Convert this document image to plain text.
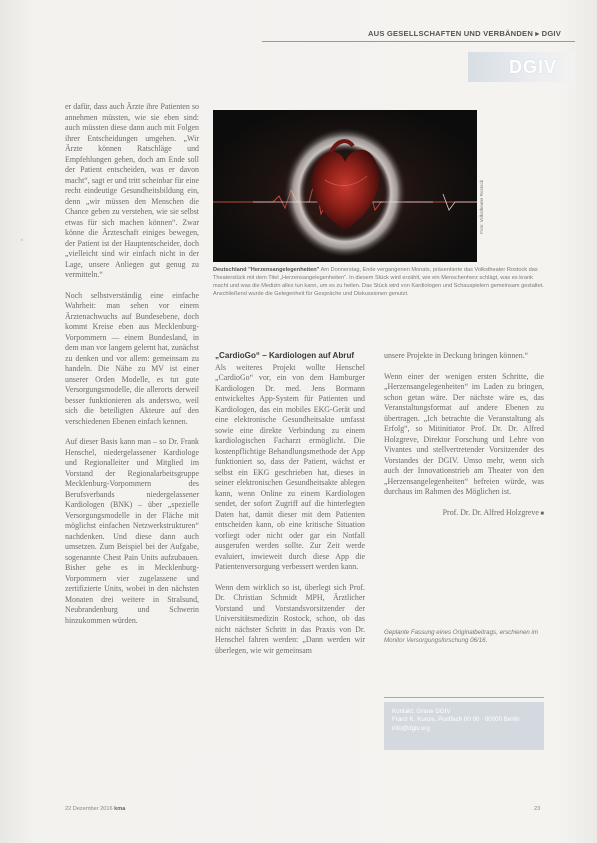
AUS GESELLSCHAFTEN UND VERBÄNDEN ▸ DGIV
DGIV
×

er dafür, dass auch Ärzte ihre Patienten so annehmen müssten, wie sie eben sind: auch müssten diese dann auch mit Folgen ihrer Entscheidungen umgehen. „Wir Ärzte können Ratschläge und Empfehlungen geben, doch am Ende soll der Patient entscheiden, was er davon macht“, sagt er und tritt scheinbar für eine recht eindeutige Gesundheitsbildung ein, denn „wir müssen den Menschen die Chance geben zu verstehen, wie sie selbst etwas für sich machen können“. Zwar könne die Ärzteschaft einiges bewegen, der Patient ist der Hauptentscheider, doch „vielleicht sind wir einfach nicht in der Lage, unsere Anliegen gut genug zu vermitteln.“

Noch selbstverständig eine einfache Wahrheit: man sehen vor einem Ärztenachwuchs auf Bundesebene, doch kommt Kreise eben aus Mecklenburg-Vorpommern — einem Bundesland, in dem man vor langem gelernt hat, zunächst zu denken und vor allem: gemeinsam zu handeln. Die Nähe zu MV ist einer unserer Orden Modelle, es tut gute Versorgungsmodelle, die allerorts derweil besser funktionieren als anderswo, weil sich die beteiligten Akteure auf den verschiedenen Ebenen einfach kennen.

Auf dieser Basis kann man – so Dr. Frank Henschel, niedergelassener Kardiologe und Regionalleiter und Mitglied im Vorstand der Regionalarbeitsgruppe Mecklenburg-Vorpommern des Berufsverbands niedergelassener Kardiologen (BNK) – über „spezielle Versorgungsmodelle in der Fläche mit möglichst einfachen Netzwerkstrukturen“ nachdenken. Und diese dann auch umsetzen. Zum Beispiel bei der Aufgabe, sogenannte Chest Pain Units aufzubauen. Bisher gebe es in Mecklenburg-Vorpommern vier zugelassene und zertifizierte Units, wobei in den nächsten Monaten drei weitere in Stralsund, Neubrandenburg und Schwerin hinzukommen würden.

Foto: Volkstheater Rostock
Deutschland "Herzensangelegenheiten" Am Donnerstag, Ende vergangenen Monats, präsentierte das Volkstheater Rostock das Theaterstück mit dem Titel „Herzensangelegenheiten“. In diesem Stück wird erzählt, wie ein Menschenherz schlägt, was es krank macht und was die Medizin alles tun kann, um es zu heilen. Das Stück wird von Kardiologen und Schauspielern gemeinsam gestaltet. Anschließend wurde die Gelegenheit für Gespräche und Diskussionen genutzt.
„CardioGo“ – Kardiologen auf Abruf

Als weiteres Projekt wollte Henschel „CardioGo“ vor, ein von dem Hamburger Kardiologen Dr. med. Jens Bormann entwickeltes App-System für Patienten und Kardiologen, das ein mobiles EKG-Gerät und eine elektronische Gesundheitsakte umfasst sowie eine direkte Verbindung zu einem kardiologischen Facharzt ermöglicht. Die kostenpflichtige Behandlungsmethode der App funktioniert so, dass der Patient, wächst er selbst ein EKG geschrieben hat, dieses in seiner elektronischen Gesundheitsakte ablegen kann, wenn Online zu einem Kardiologen sendet, der sofort Zugriff auf die hinterlegten Daten hat, damit dieser mit dem Patienten entscheiden kann, ob eine kritische Situation vorliegt oder nicht oder gar ein Notfall ausgerufen werden sollte. Zur Zeit werde evaluiert, inwieweit durch diese App die Patientenversorgung verbessert werden kann.

Wenn dem wirklich so ist, überlegt sich Prof. Dr. Christian Schmidt MPH, Ärztlicher Vorstand und Vorstandsvorsitzender der Universitätsmedizin Rostock, schon, ob das nicht nächster Schritt in das Praxis von Dr. Henschel fahren werden: „Dann werden wir überlegen, wie wir gemeinsam

unsere Projekte in Deckung bringen können.“

Wenn einer der wenigen ersten Schritte, die „Herzensangelegenheiten“ im Laden zu bringen, schon getan wäre. Der nächste wäre es, das Veranstaltungsformat auf andere Ebenen zu übertragen. „Ich betrachte die Veranstaltung als Erfolg“, so Mitinitiator Prof. Dr. Dr. Alfred Holzgreve, Direktor Forschung und Lehre von Vivantes und stellvertretender Vorsitzender des Vorstandes der DGIV. Umso mehr, wenn sich auch der Innovationstrieb am Theater von den „Herzensangelegenheiten“ befreien würde, was durchaus im Rahmen des Möglichen ist.

Prof. Dr. Dr. Alfred Holzgreve ■
Geplante Fassung eines Originalbeitrags, erschienen im Monitor Versorgungsforschung 06/16.
Kontakt: Grane DGIV
Franz K. Kunze, Postfach 00 00 · 00000 Berlin
info@dgiv.org
22 Dezember 2016 kma	23
